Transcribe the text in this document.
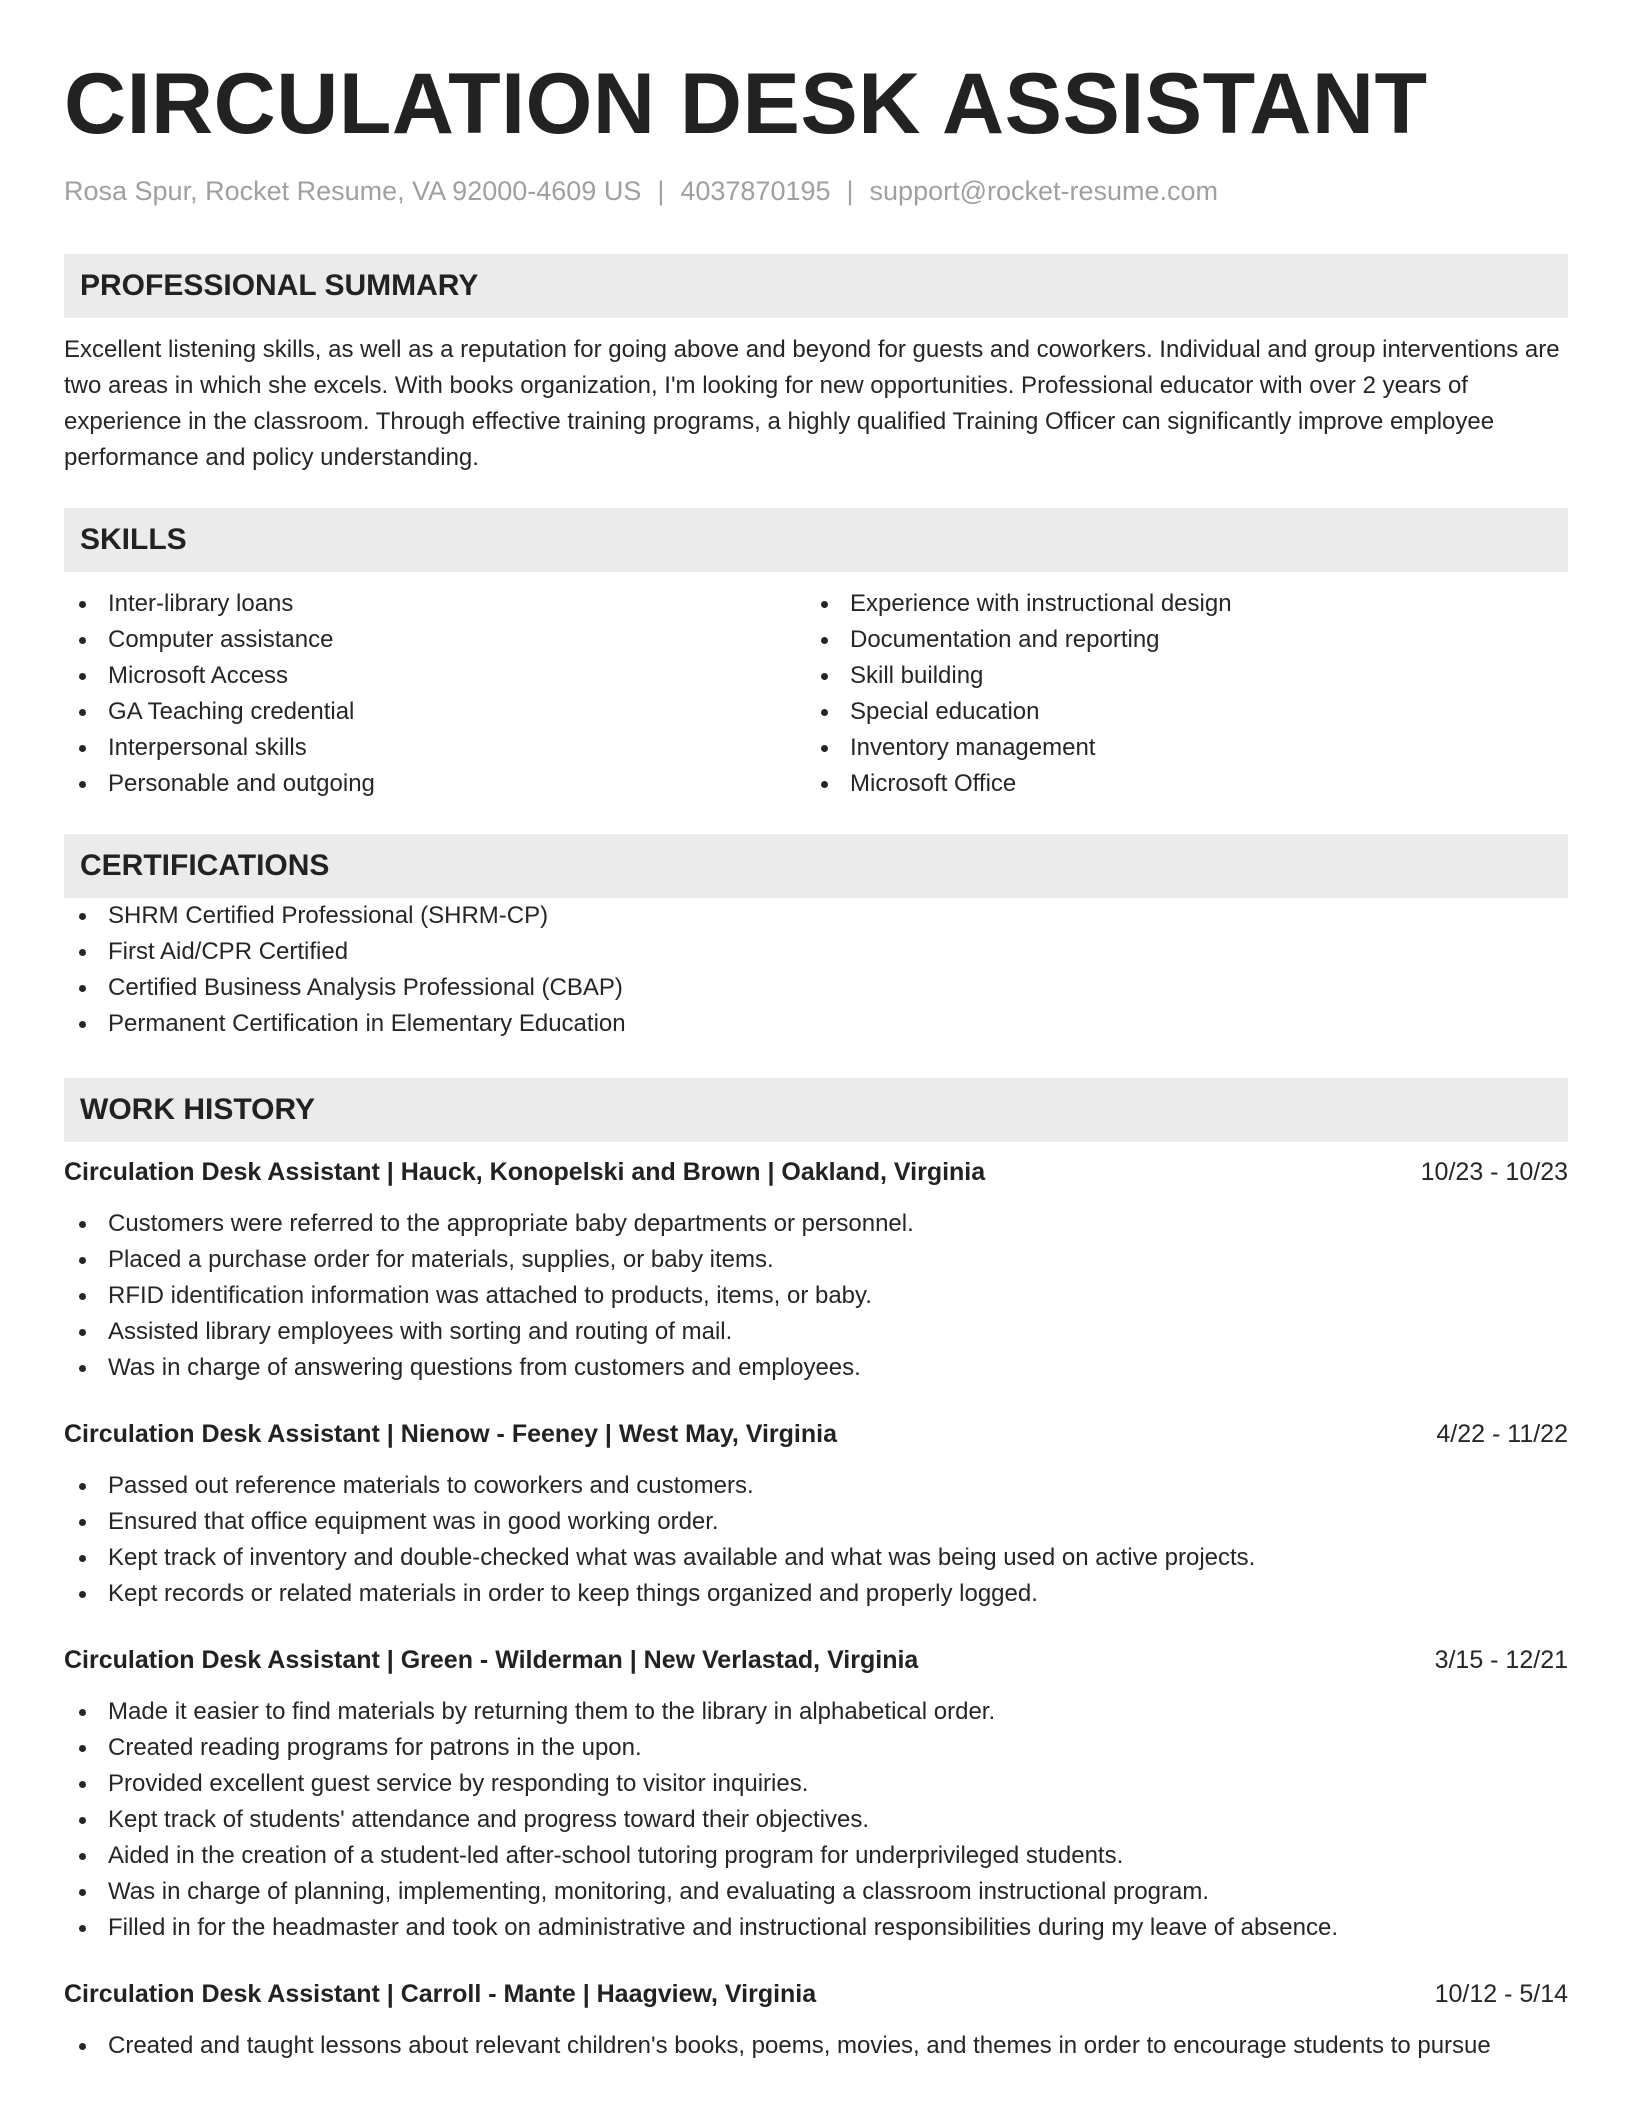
CIRCULATION DESK ASSISTANT
Rosa Spur, Rocket Resume, VA 92000-4609 US | 4037870195 | support@rocket-resume.com
PROFESSIONAL SUMMARY
Excellent listening skills, as well as a reputation for going above and beyond for guests and coworkers. Individual and group interventions are two areas in which she excels. With books organization, I'm looking for new opportunities. Professional educator with over 2 years of experience in the classroom. Through effective training programs, a highly qualified Training Officer can significantly improve employee performance and policy understanding.
SKILLS
Inter-library loans
Computer assistance
Microsoft Access
GA Teaching credential
Interpersonal skills
Personable and outgoing
Experience with instructional design
Documentation and reporting
Skill building
Special education
Inventory management
Microsoft Office
CERTIFICATIONS
SHRM Certified Professional (SHRM-CP)
First Aid/CPR Certified
Certified Business Analysis Professional (CBAP)
Permanent Certification in Elementary Education
WORK HISTORY
Circulation Desk Assistant | Hauck, Konopelski and Brown | Oakland, Virginia	10/23 - 10/23
Customers were referred to the appropriate baby departments or personnel.
Placed a purchase order for materials, supplies, or baby items.
RFID identification information was attached to products, items, or baby.
Assisted library employees with sorting and routing of mail.
Was in charge of answering questions from customers and employees.
Circulation Desk Assistant | Nienow - Feeney | West May, Virginia	4/22 - 11/22
Passed out reference materials to coworkers and customers.
Ensured that office equipment was in good working order.
Kept track of inventory and double-checked what was available and what was being used on active projects.
Kept records or related materials in order to keep things organized and properly logged.
Circulation Desk Assistant | Green - Wilderman | New Verlastad, Virginia	3/15 - 12/21
Made it easier to find materials by returning them to the library in alphabetical order.
Created reading programs for patrons in the upon.
Provided excellent guest service by responding to visitor inquiries.
Kept track of students' attendance and progress toward their objectives.
Aided in the creation of a student-led after-school tutoring program for underprivileged students.
Was in charge of planning, implementing, monitoring, and evaluating a classroom instructional program.
Filled in for the headmaster and took on administrative and instructional responsibilities during my leave of absence.
Circulation Desk Assistant | Carroll - Mante | Haagview, Virginia	10/12 - 5/14
Created and taught lessons about relevant children's books, poems, movies, and themes in order to encourage students to pursue
